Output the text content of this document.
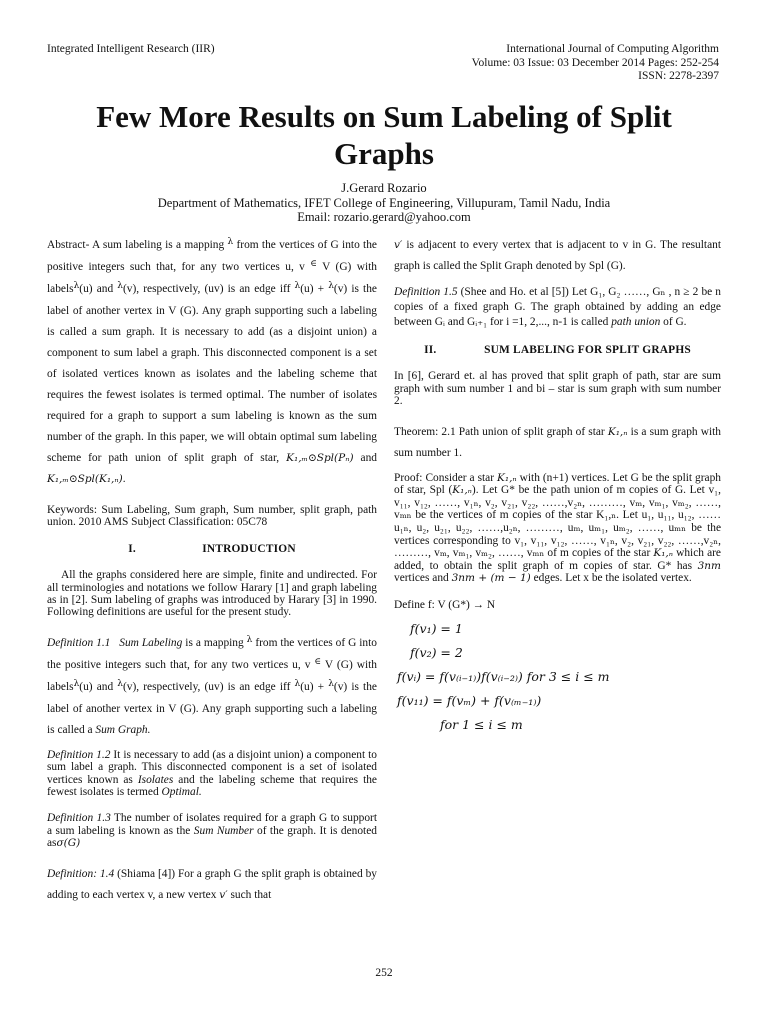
Integrated Intelligent Research (IIR)	International Journal of Computing Algorithm
Volume: 03 Issue: 03 December 2014 Pages: 252-254
ISSN: 2278-2397
Few More Results on Sum Labeling of Split Graphs
J.Gerard Rozario
Department of Mathematics, IFET College of Engineering, Villupuram, Tamil Nadu, India
Email: rozario.gerard@yahoo.com

Abstract- A sum labeling is a mapping $^\lambda$ from the vertices of G into the positive integers such that, for any two vertices u, v ∈ V (G) with labels$^\lambda$(u) and $^\lambda$(v), respectively, (uv) is an edge iff $^\lambda$(u) + $^\lambda$(v) is the label of another vertex in V (G). Any graph supporting such a labeling is called a sum graph. It is necessary to add (as a disjoint union) a component to sum label a graph. This disconnected component is a set of isolated vertices known as isolates and the labeling scheme that requires the fewest isolates is termed optimal. The number of isolates required for a graph to support a sum labeling is known as the sum number of the graph. In this paper, we will obtain optimal sum labeling scheme for path union of split graph of star, K₁,ₘ⊙Spl(Pₙ) and K₁,ₘ⊙Spl(K₁,ₙ).

Keywords: Sum Labeling, Sum graph, Sum number, split graph, path union. 2010 AMS Subject Classification: 05C78

I.	INTRODUCTION

All the graphs considered here are simple, finite and undirected. For all terminologies and notations we follow Harary [1] and graph labeling as in [2]. Sum labeling of graphs was introduced by Harary [3] in 1990. Following definitions are useful for the present study.

Definition 1.1 Sum Labeling is a mapping $^\lambda$ from the vertices of G into the positive integers such that, for any two vertices u, v ∈ V (G) with labels$^\lambda$(u) and $^\lambda$(v), respectively, (uv) is an edge iff $^\lambda$(u) + $^\lambda$(v) is the label of another vertex in V (G). Any graph supporting such a labeling is called a Sum Graph.

Definition 1.2 It is necessary to add (as a disjoint union) a component to sum label a graph. This disconnected component is a set of isolated vertices known as Isolates and the labeling scheme that requires the fewest isolates is termed Optimal.

Definition 1.3 The number of isolates required for a graph G to support a sum labeling is known as the Sum Number of the graph. It is denoted asσ(G)

Definition: 1.4 (Shiama [4]) For a graph G the split graph is obtained by adding to each vertex v, a new vertex v′ such that

v′ is adjacent to every vertex that is adjacent to v in G. The resultant graph is called the Split Graph denoted by Spl (G).

Definition 1.5 (Shee and Ho. et al [5]) Let G₁, G₂ ……, Gₙ , n ≥ 2 be n copies of a fixed graph G. The graph obtained by adding an edge between Gᵢ and Gᵢ₊₁ for i =1, 2,..., n-1 is called path union of G.

II.	SUM LABELING FOR SPLIT GRAPHS

In [6], Gerard et. al has proved that split graph of path, star are sum graph with sum number 1 and bi – star is sum graph with sum number 2.

Theorem: 2.1 Path union of split graph of star K₁,ₙ is a sum graph with sum number 1.

Proof: Consider a star K₁,ₙ with (n+1) vertices. Let G be the split graph of star, Spl (K₁,ₙ). Let G* be the path union of m copies of G. Let v₁, v₁₁, v₁₂, ……, v₁ₙ, v₂, v₂₁, v₂₂, ……,v₂ₙ, ………, vₘ, vₘ₁, vₘ₂, ……, vₘₙ be the vertices of m copies of the star K₁,ₙ. Let u₁, u₁₁, u₁₂, ……u₁ₙ, u₂, u₂₁, u₂₂, ……,u₂ₙ, ………, uₘ, uₘ₁, uₘ₂, ……, uₘₙ be the vertices corresponding to v₁, v₁₁, v₁₂, ……, v₁ₙ, v₂, v₂₁, v₂₂, ……,v₂ₙ, ………, vₘ, vₘ₁, vₘ₂, ……, vₘₙ of m copies of the star K₁,ₙ which are added, to obtain the split graph of m copies of star. G* has 3nm vertices and 3nm + (m − 1) edges. Let x be the isolated vertex.

Define f: V (G*) → N

f(v₁) = 1
f(v₂) = 2
f(vᵢ) = f(v₍ᵢ₋₁₎)f(v₍ᵢ₋₂₎) for 3 ≤ i ≤ m
f(v₁₁) = f(vₘ) + f(v₍ₘ₋₁₎)
for 1 ≤ i ≤ m
252
